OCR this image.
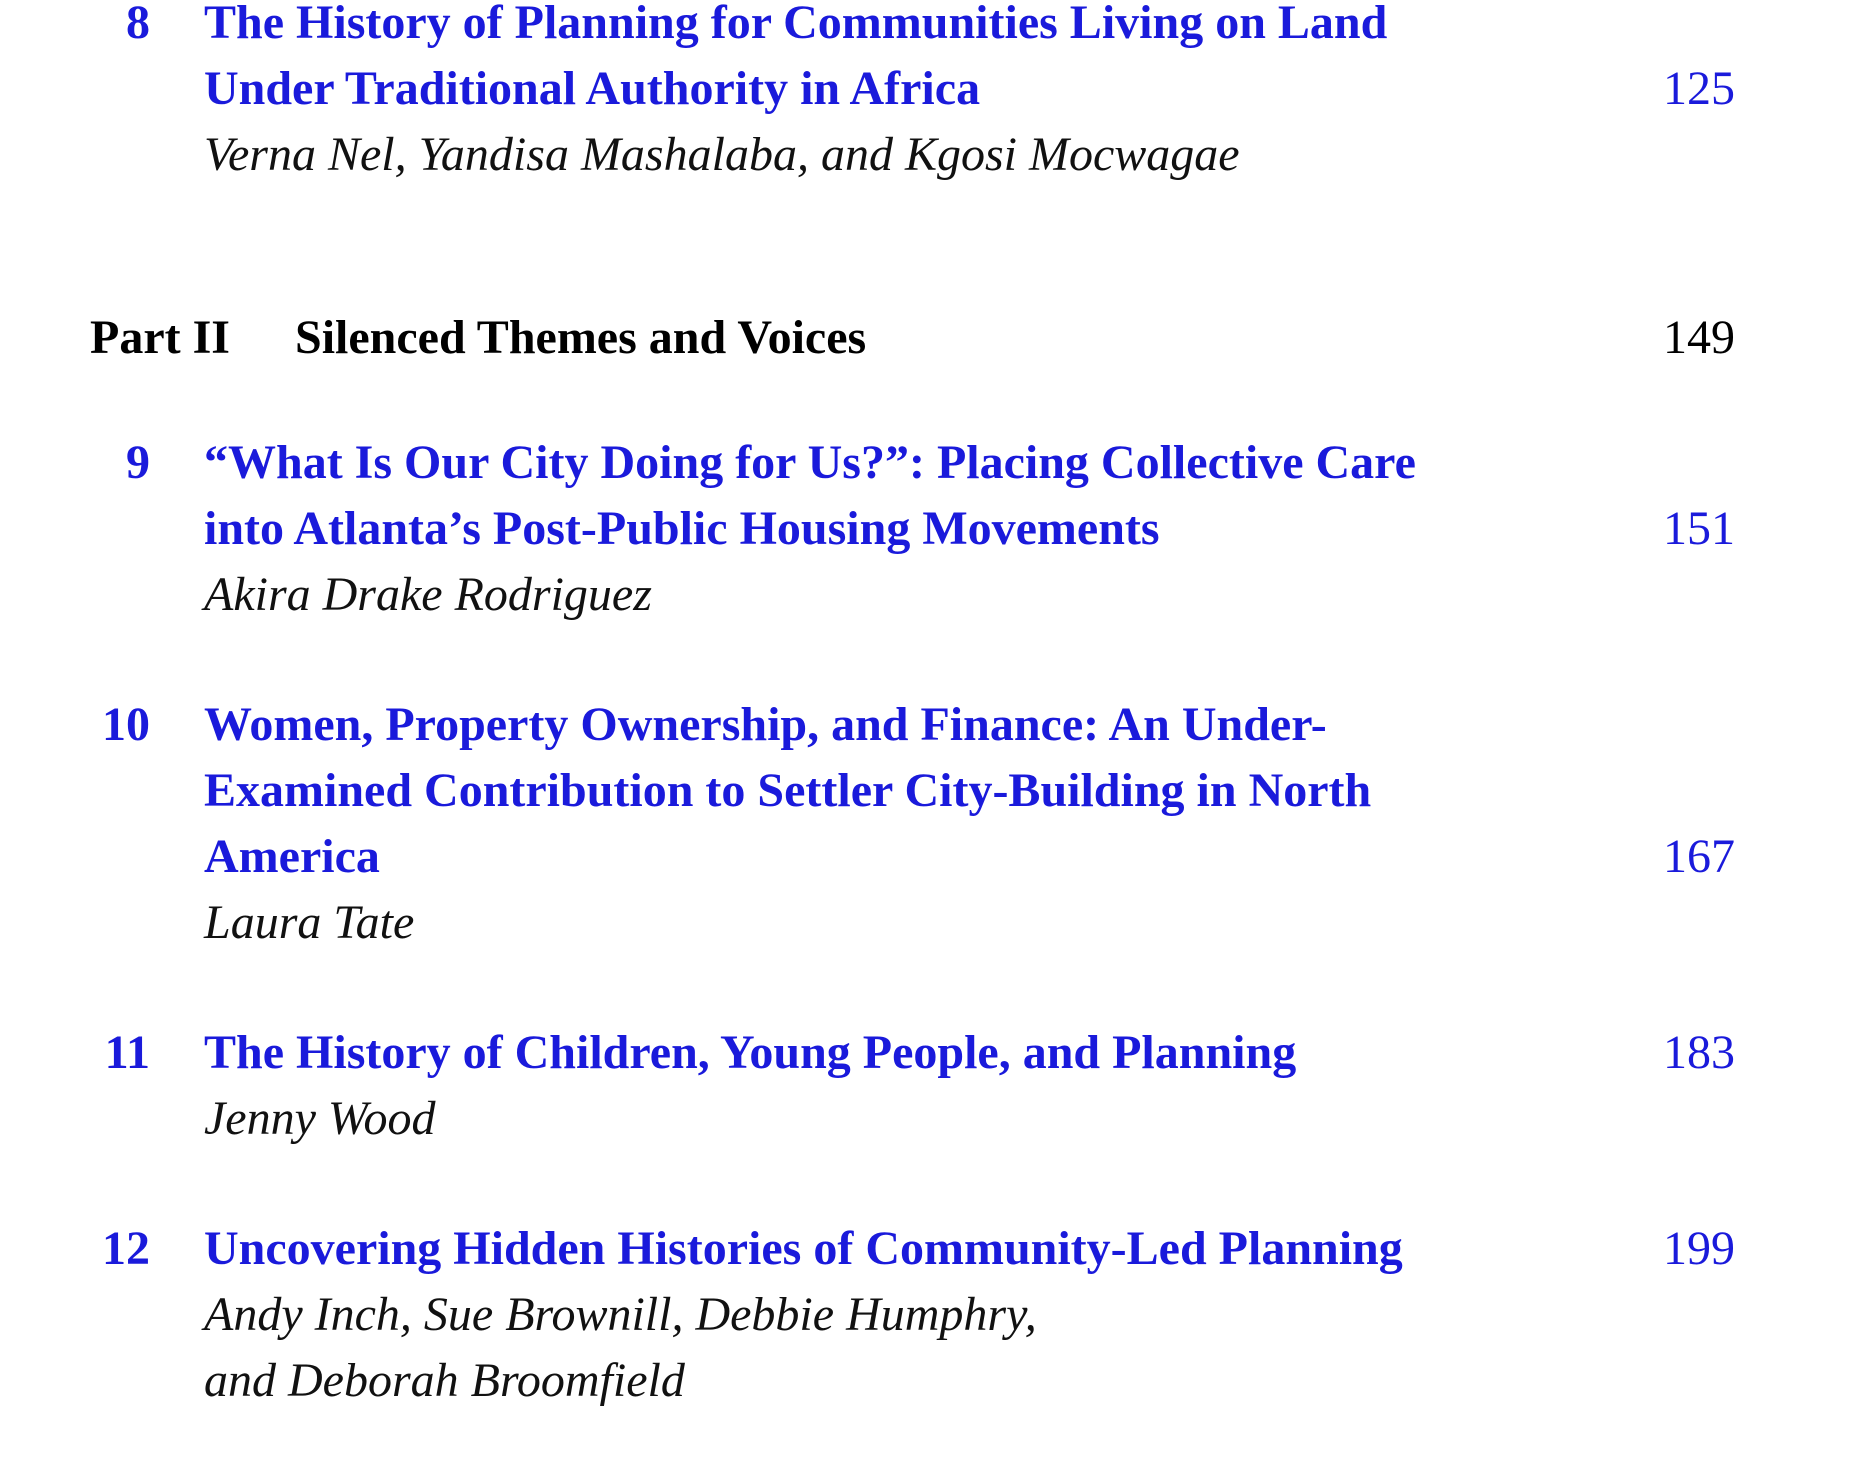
8 The History of Planning for Communities Living on Land
Under Traditional Authority in Africa	125
Verna Nel, Yandisa Mashalaba, and Kgosi Mocwagae
Part II Silenced Themes and Voices	149
9 “What Is Our City Doing for Us?”: Placing Collective Care
into Atlanta’s Post-Public Housing Movements	151
Akira Drake Rodriguez
10 Women, Property Ownership, and Finance: An Under-
Examined Contribution to Settler City-Building in North
America	167
Laura Tate
11 The History of Children, Young People, and Planning	183
Jenny Wood
12 Uncovering Hidden Histories of Community-Led Planning	199
Andy Inch, Sue Brownill, Debbie Humphry,
and Deborah Broomfield
